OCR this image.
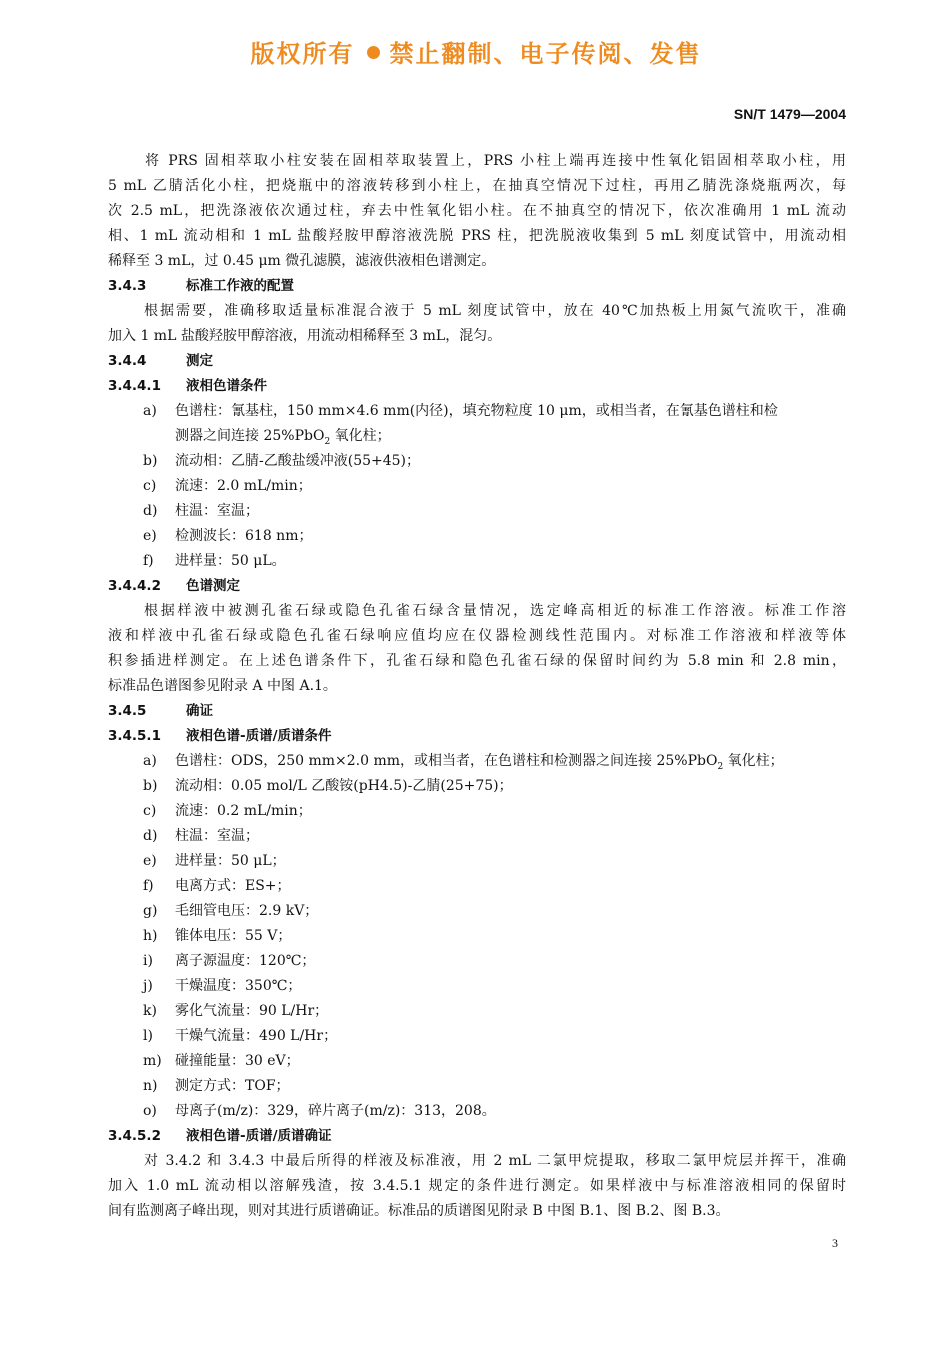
版权所有 禁止翻制、电子传阅、发售
SN/T 1479—2004
将 PRS 固相萃取小柱安装在固相萃取装置上，PRS 小柱上端再连接中性氧化铝固相萃取小柱，用
5 mL 乙腈活化小柱，把烧瓶中的溶液转移到小柱上，在抽真空情况下过柱，再用乙腈洗涤烧瓶两次，每
次 2.5 mL，把洗涤液依次通过柱，弃去中性氧化铝小柱。在不抽真空的情况下，依次准确用 1 mL 流动
相、1 mL 流动相和 1 mL 盐酸羟胺甲醇溶液洗脱 PRS 柱，把洗脱液收集到 5 mL 刻度试管中，用流动相
稀释至 3 mL，过 0.45 μm 微孔滤膜，滤液供液相色谱测定。
3.4.3	标准工作液的配置
根据需要，准确移取适量标准混合液于 5 mL 刻度试管中，放在 40℃加热板上用氮气流吹干，准确
加入 1 mL 盐酸羟胺甲醇溶液，用流动相稀释至 3 mL，混匀。
3.4.4	测定
3.4.4.1 液相色谱条件
a) 色谱柱：氰基柱，150 mm×4.6 mm(内径)，填充物粒度 10 μm，或相当者，在氰基色谱柱和检
测器之间连接 25%PbO$_2$ 氧化柱；
b) 流动相：乙腈-乙酸盐缓冲液(55+45)；
c) 流速：2.0 mL/min；
d) 柱温：室温；
e) 检测波长：618 nm；
f) 进样量：50 μL。
3.4.4.2 色谱测定
根据样液中被测孔雀石绿或隐色孔雀石绿含量情况，选定峰高相近的标准工作溶液。标准工作溶
液和样液中孔雀石绿或隐色孔雀石绿响应值均应在仪器检测线性范围内。对标准工作溶液和样液等体
积参插进样测定。在上述色谱条件下，孔雀石绿和隐色孔雀石绿的保留时间约为 5.8 min 和 2.8 min，
标准品色谱图参见附录 A 中图 A.1。
3.4.5	确证
3.4.5.1 液相色谱-质谱/质谱条件
a) 色谱柱：ODS，250 mm×2.0 mm，或相当者，在色谱柱和检测器之间连接 25%PbO$_2$ 氧化柱；
b) 流动相：0.05 mol/L 乙酸铵(pH4.5)-乙腈(25+75)；
c) 流速：0.2 mL/min；
d) 柱温：室温；
e) 进样量：50 μL；
f) 电离方式：ES+；
g) 毛细管电压：2.9 kV；
h) 锥体电压：55 V；
i) 离子源温度：120℃；
j) 干燥温度：350℃；
k) 雾化气流量：90 L/Hr；
l) 干燥气流量：490 L/Hr；
m) 碰撞能量：30 eV；
n) 测定方式：TOF；
o) 母离子(m/z)：329，碎片离子(m/z)：313，208。
3.4.5.2 液相色谱-质谱/质谱确证
对 3.4.2 和 3.4.3 中最后所得的样液及标准液，用 2 mL 二氯甲烷提取，移取二氯甲烷层并挥干，准确
加入 1.0 mL 流动相以溶解残渣，按 3.4.5.1 规定的条件进行测定。如果样液中与标准溶液相同的保留时
间有监测离子峰出现，则对其进行质谱确证。标准品的质谱图见附录 B 中图 B.1、图 B.2、图 B.3。
3
